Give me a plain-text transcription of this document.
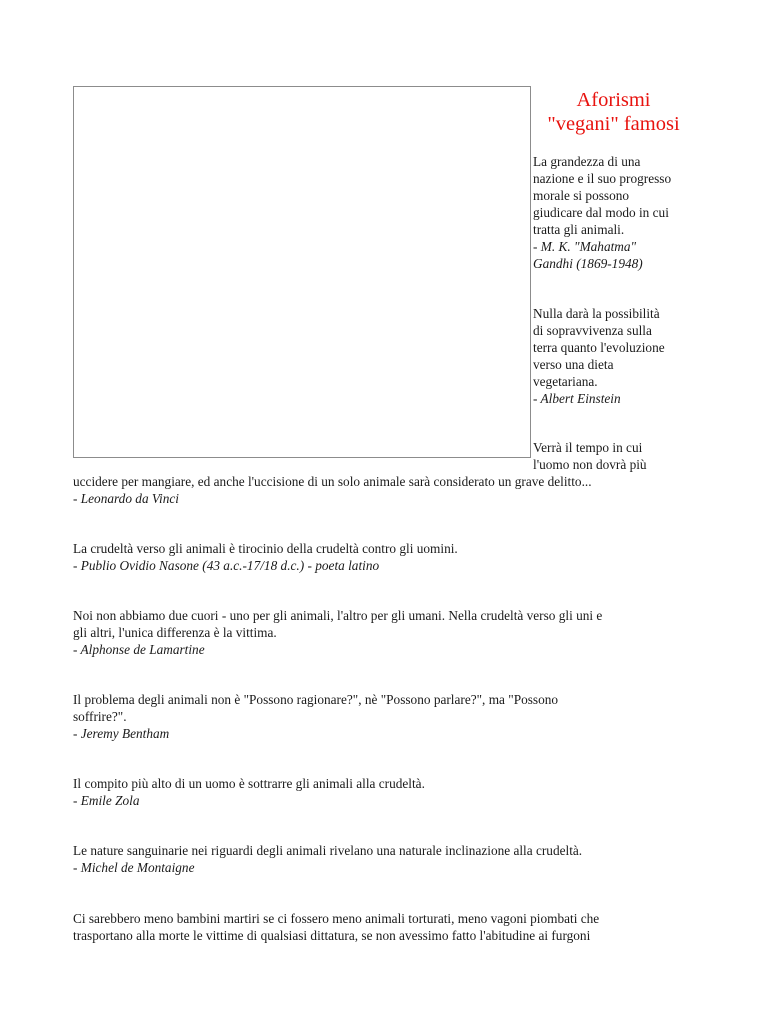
Aforismi
"vegani" famosi

La grandezza di una
nazione e il suo progresso
morale si possono
giudicare dal modo in cui
tratta gli animali.

- M. K. "Mahatma"
Gandhi (1869-1948)

Nulla darà la possibilità
di sopravvivenza sulla
terra quanto l'evoluzione
verso una dieta
vegetariana.

- Albert Einstein

Verrà il tempo in cui
l'uomo non dovrà più

uccidere per mangiare, ed anche l'uccisione di un solo animale sarà considerato un grave delitto...

- Leonardo da Vinci

La crudeltà verso gli animali è tirocinio della crudeltà contro gli uomini.

- Publio Ovidio Nasone (43 a.c.-17/18 d.c.) - poeta latino

Noi non abbiamo due cuori - uno per gli animali, l'altro per gli umani. Nella crudeltà verso gli uni e
gli altri, l'unica differenza è la vittima.

- Alphonse de Lamartine

Il problema degli animali non è "Possono ragionare?", nè "Possono parlare?", ma "Possono
soffrire?".

- Jeremy Bentham

Il compito più alto di un uomo è sottrarre gli animali alla crudeltà.

- Emile Zola

Le nature sanguinarie nei riguardi degli animali rivelano una naturale inclinazione alla crudeltà.

- Michel de Montaigne

Ci sarebbero meno bambini martiri se ci fossero meno animali torturati, meno vagoni piombati che
trasportano alla morte le vittime di qualsiasi dittatura, se non avessimo fatto l'abitudine ai furgoni
